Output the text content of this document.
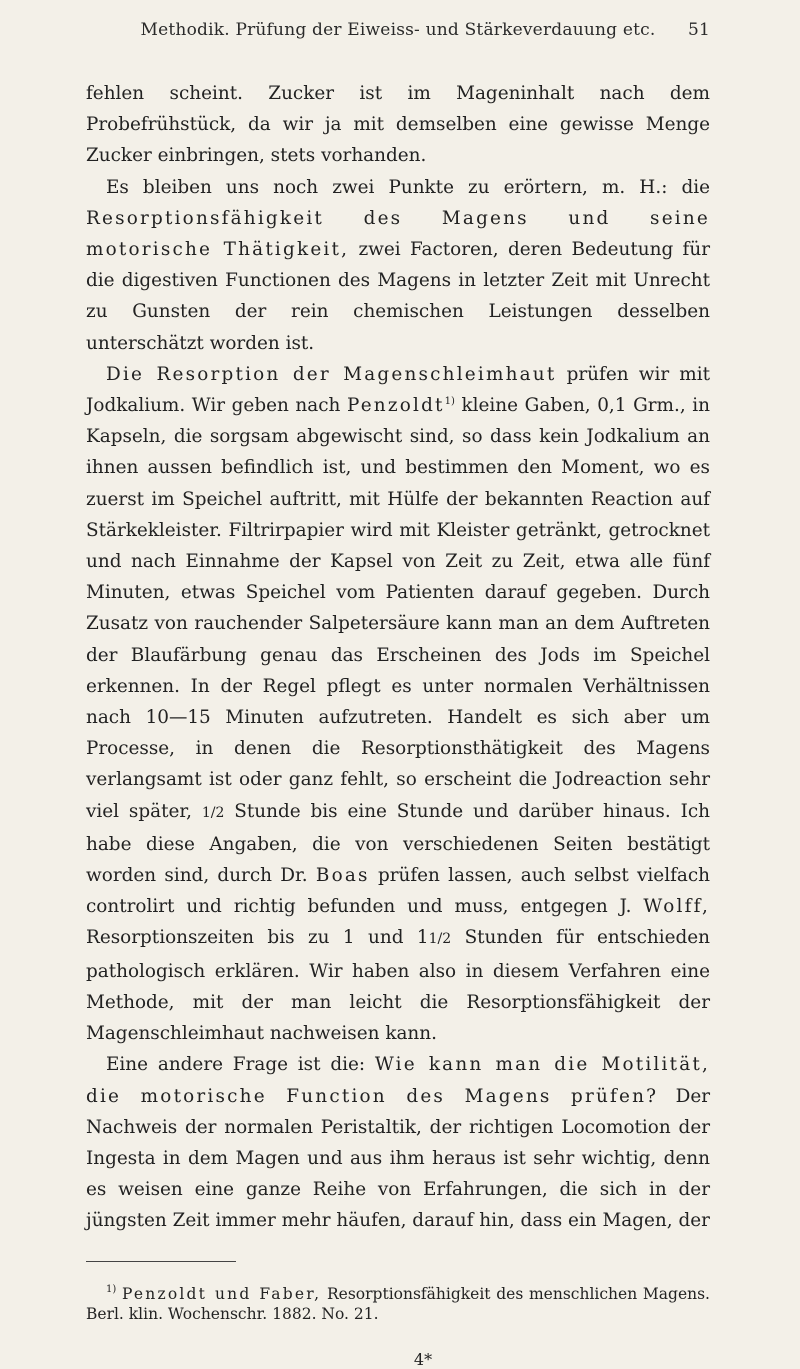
Methodik. Prüfung der Eiweiss- und Stärkeverdauung etc. 51

fehlen scheint. Zucker ist im Mageninhalt nach dem Probefrühstück, da wir ja mit demselben eine gewisse Menge Zucker einbringen, stets vorhanden.

Es bleiben uns noch zwei Punkte zu erörtern, m. H.: die Resorptionsfähigkeit des Magens und seine motorische Thätigkeit, zwei Factoren, deren Bedeutung für die digestiven Functionen des Magens in letzter Zeit mit Unrecht zu Gunsten der rein chemischen Leistungen desselben unterschätzt worden ist.

Die Resorption der Magenschleimhaut prüfen wir mit Jodkalium. Wir geben nach Penzoldt$^{1)}$ kleine Gaben, 0,1 Grm., in Kapseln, die sorgsam abgewischt sind, so dass kein Jodkalium an ihnen aussen befindlich ist, und bestimmen den Moment, wo es zuerst im Speichel auftritt, mit Hülfe der bekannten Reaction auf Stärkekleister. Filtrirpapier wird mit Kleister getränkt, getrocknet und nach Einnahme der Kapsel von Zeit zu Zeit, etwa alle fünf Minuten, etwas Speichel vom Patienten darauf gegeben. Durch Zusatz von rauchender Salpetersäure kann man an dem Auftreten der Blaufärbung genau das Erscheinen des Jods im Speichel erkennen. In der Regel pflegt es unter normalen Verhältnissen nach 10—15 Minuten aufzutreten. Handelt es sich aber um Processe, in denen die Resorptionsthätigkeit des Magens verlangsamt ist oder ganz fehlt, so erscheint die Jodreaction sehr viel später, 1/2 Stunde bis eine Stunde und darüber hinaus. Ich habe diese Angaben, die von verschiedenen Seiten bestätigt worden sind, durch Dr. Boas prüfen lassen, auch selbst vielfach controlirt und richtig befunden und muss, entgegen J. Wolff, Resorptionszeiten bis zu 1 und 11/2 Stunden für entschieden pathologisch erklären. Wir haben also in diesem Verfahren eine Methode, mit der man leicht die Resorptionsfähigkeit der Magenschleimhaut nachweisen kann.

Eine andere Frage ist die: Wie kann man die Motilität, die motorische Function des Magens prüfen? Der Nachweis der normalen Peristaltik, der richtigen Locomotion der Ingesta in dem Magen und aus ihm heraus ist sehr wichtig, denn es weisen eine ganze Reihe von Erfahrungen, die sich in der jüngsten Zeit immer mehr häufen, darauf hin, dass ein Magen, der

$^{1)}$ Penzoldt und Faber, Resorptionsfähigkeit des menschlichen Magens. Berl. klin. Wochenschr. 1882. No. 21.
4*
